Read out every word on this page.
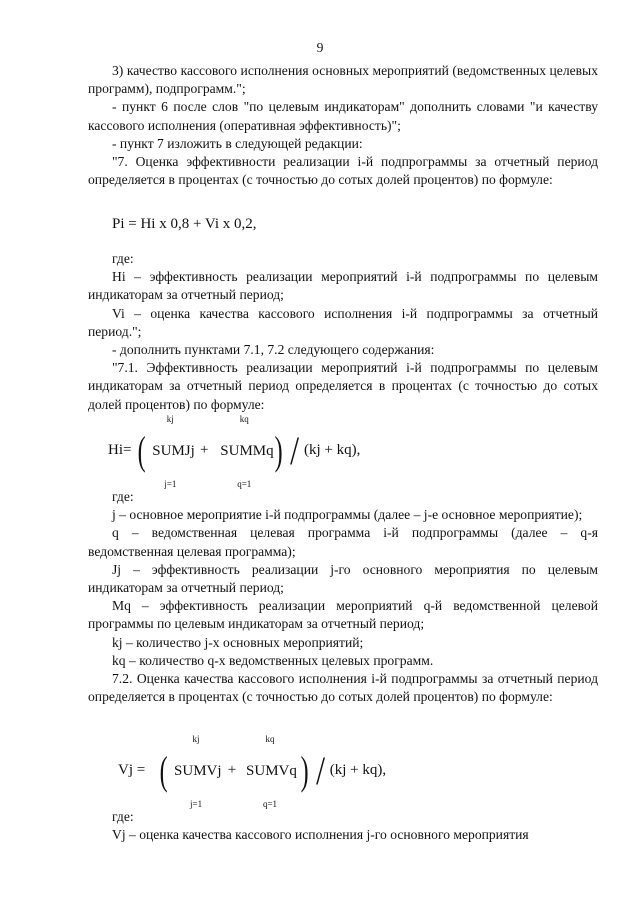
9

3) качество кассового исполнения основных мероприятий (ведомственных целевых программ), подпрограмм.";

- пункт 6 после слов "по целевым индикаторам" дополнить словами "и качеству кассового исполнения (оперативная эффективность)";

- пункт 7 изложить в следующей редакции:

"7. Оценка эффективности реализации i-й подпрограммы за отчетный период определяется в процентах (с точностью до сотых долей процентов) по формуле:

Pi = Hi x 0,8 + Vi x 0,2,

где:

Hi – эффективность реализации мероприятий i-й подпрограммы по целевым индикаторам за отчетный период;

Vi – оценка качества кассового исполнения i-й подпрограммы за отчетный период.";

- дополнить пунктами 7.1, 7.2 следующего содержания:

"7.1. Эффективность реализации мероприятий i-й подпрограммы по целевым индикаторам за отчетный период определяется в процентах (с точностью до сотых долей процентов) по формуле:

Hi= (
kj
SUMJj
j=1
+
kq
SUMMq
q=1
) / (kj + kq),

где:

j – основное мероприятие i-й подпрограммы (далее – j-е основное мероприятие);

q – ведомственная целевая программа i-й подпрограммы (далее – q-я ведомственная целевая программа);

Jj – эффективность реализации j-го основного мероприятия по целевым индикаторам за отчетный период;

Mq – эффективность реализации мероприятий q-й ведомственной целевой программы по целевым индикаторам за отчетный период;

kj – количество j-х основных мероприятий;

kq – количество q-х ведомственных целевых программ.

7.2. Оценка качества кассового исполнения i-й подпрограммы за отчетный период определяется в процентах (с точностью до сотых долей процентов) по формуле:

Vj = (
kj
SUMVj
j=1
+
kq
SUMVq
q=1
) / (kj + kq),

где:

Vj – оценка качества кассового исполнения j-го основного мероприятия
